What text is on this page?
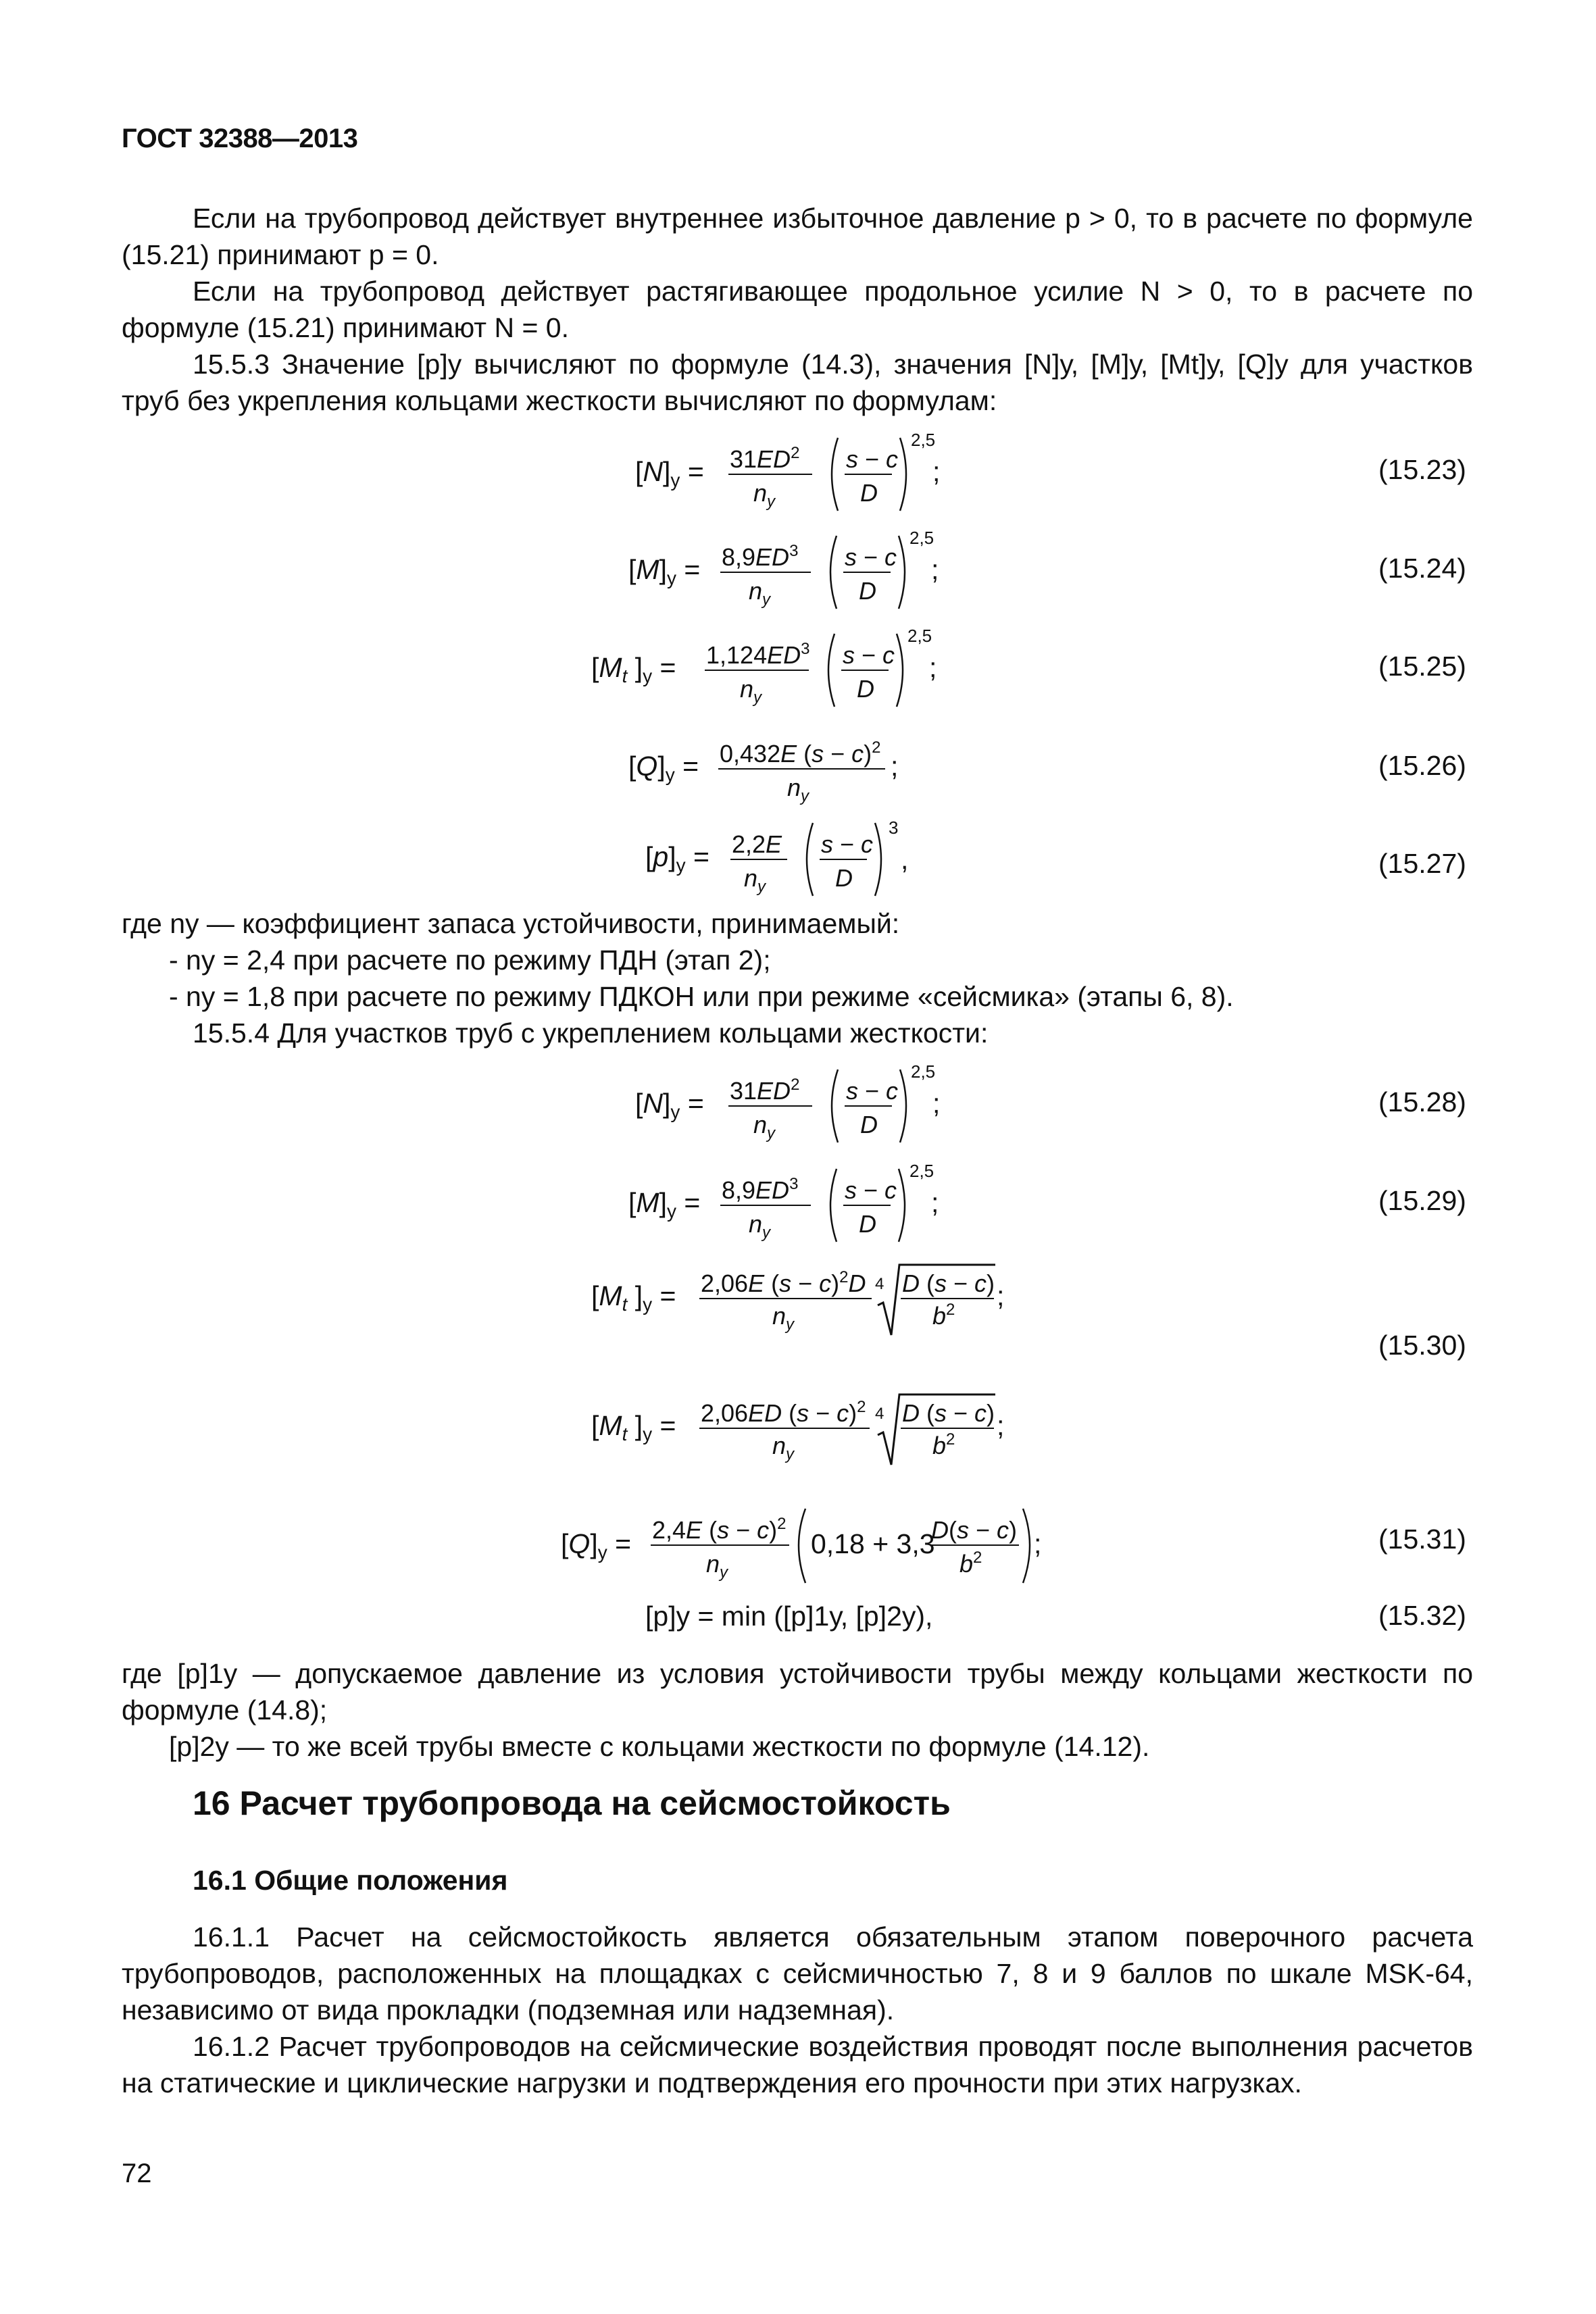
ГОСТ 32388—2013
Если на трубопровод действует внутреннее избыточное давление p > 0, то в расчете по формуле (15.21) принимают p = 0.
Если на трубопровод действует растягивающее продольное усилие N > 0, то в расчете по формуле (15.21) принимают N = 0.
15.5.3 Значение [p]у вычисляют по формуле (14.3), значения [N]у, [M]у, [Mt]у, [Q]у для участков труб без укрепления кольцами жесткости вычисляют по формулам:
$[N]у = 31ED^2$
$n_y$
s − c
D
2,5
;	(15.23)
$[M]у = 8,9ED^3$
$n_y$
s − c
D
2,5
;	(15.24)
[Mt ]$у = 1,124ED^3$
$n_y$
s − c
D
2,5
;	(15.25)
[Q]у = 0,432E $(s - c)^2$
$n_y$
;	(15.26)
[p]у = 2,2E
$n_y$
s − c
D
3
,	(15.27)
где nу — коэффициент запаса устойчивости, принимаемый:
- nу = 2,4 при расчете по режиму ПДН (этап 2);
- nу = 1,8 при расчете по режиму ПДКОН или при режиме «сейсмика» (этапы 6, 8).
15.5.4 Для участков труб с укреплением кольцами жесткости:
$[N]у = 31ED^2$
$n_y$
s − c
D
2,5
;	(15.28)
$[M]у = 8,9ED^3$
$n_y$
s − c
D
2,5
;	(15.29)
[Mt ]у = 2,06E $(s - c)^2D$
$n_y$
4 D (s − c)
$b^2$ ;
(15.30)
[Mt ]у = 2,06ED $(s - c)^2$
$n_y$
4 D (s − c)
$b^2$ ;
[Q]у = 2,4E $(s - c)^2$
$n_y$
0,18 + 3,3
D(s − c)
$b^2$ ;	(15.31)
[p]у = min ([p]1у, [p]2у),	(15.32)
где [p]1у — допускаемое давление из условия устойчивости трубы между кольцами жесткости по формуле (14.8);
[p]2у — то же всей трубы вместе с кольцами жесткости по формуле (14.12).
16 Расчет трубопровода на сейсмостойкость
16.1 Общие положения
16.1.1 Расчет на сейсмостойкость является обязательным этапом поверочного расчета трубопроводов, расположенных на площадках с сейсмичностью 7, 8 и 9 баллов по шкале MSK-64, независимо от вида прокладки (подземная или надземная).
16.1.2 Расчет трубопроводов на сейсмические воздействия проводят после выполнения расчетов на статические и циклические нагрузки и подтверждения его прочности при этих нагрузках.
72
